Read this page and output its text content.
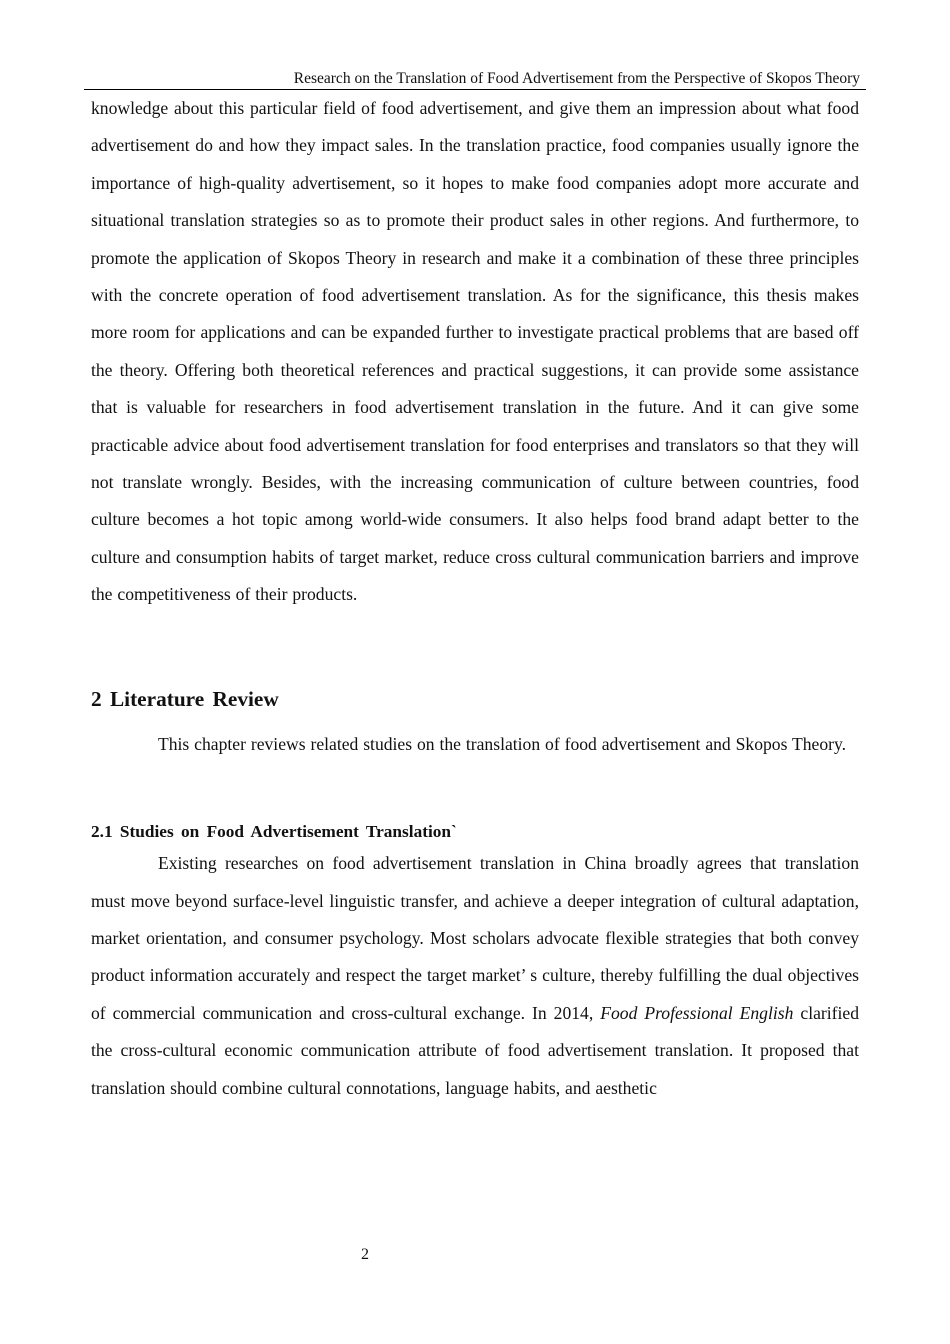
Research on the Translation of Food Advertisement from the Perspective of Skopos Theory

knowledge about this particular field of food advertisement, and give them an impression about what food advertisement do and how they impact sales. In the translation practice, food companies usually ignore the importance of high-quality advertisement, so it hopes to make food companies adopt more accurate and situational translation strategies so as to promote their product sales in other regions. And furthermore, to promote the application of Skopos Theory in research and make it a combination of these three principles with the concrete operation of food advertisement translation. As for the significance, this thesis makes more room for applications and can be expanded further to investigate practical problems that are based off the theory. Offering both theoretical references and practical suggestions, it can provide some assistance that is valuable for researchers in food advertisement translation in the future. And it can give some practicable advice about food advertisement translation for food enterprises and translators so that they will not translate wrongly. Besides, with the increasing communication of culture between countries, food culture becomes a hot topic among world-wide consumers. It also helps food brand adapt better to the culture and consumption habits of target market, reduce cross cultural communication barriers and improve the competitiveness of their products.

2 Literature Review

This chapter reviews related studies on the translation of food advertisement and Skopos Theory.

2.1 Studies on Food Advertisement Translation`

Existing researches on food advertisement translation in China broadly agrees that translation must move beyond surface-level linguistic transfer, and achieve a deeper integration of cultural adaptation, market orientation, and consumer psychology. Most scholars advocate flexible strategies that both convey product information accurately and respect the target market’ s culture, thereby fulfilling the dual objectives of commercial communication and cross-cultural exchange. In 2014, Food Professional English clarified the cross-cultural economic communication attribute of food advertisement translation. It proposed that translation should combine cultural connotations, language habits, and aesthetic

2
